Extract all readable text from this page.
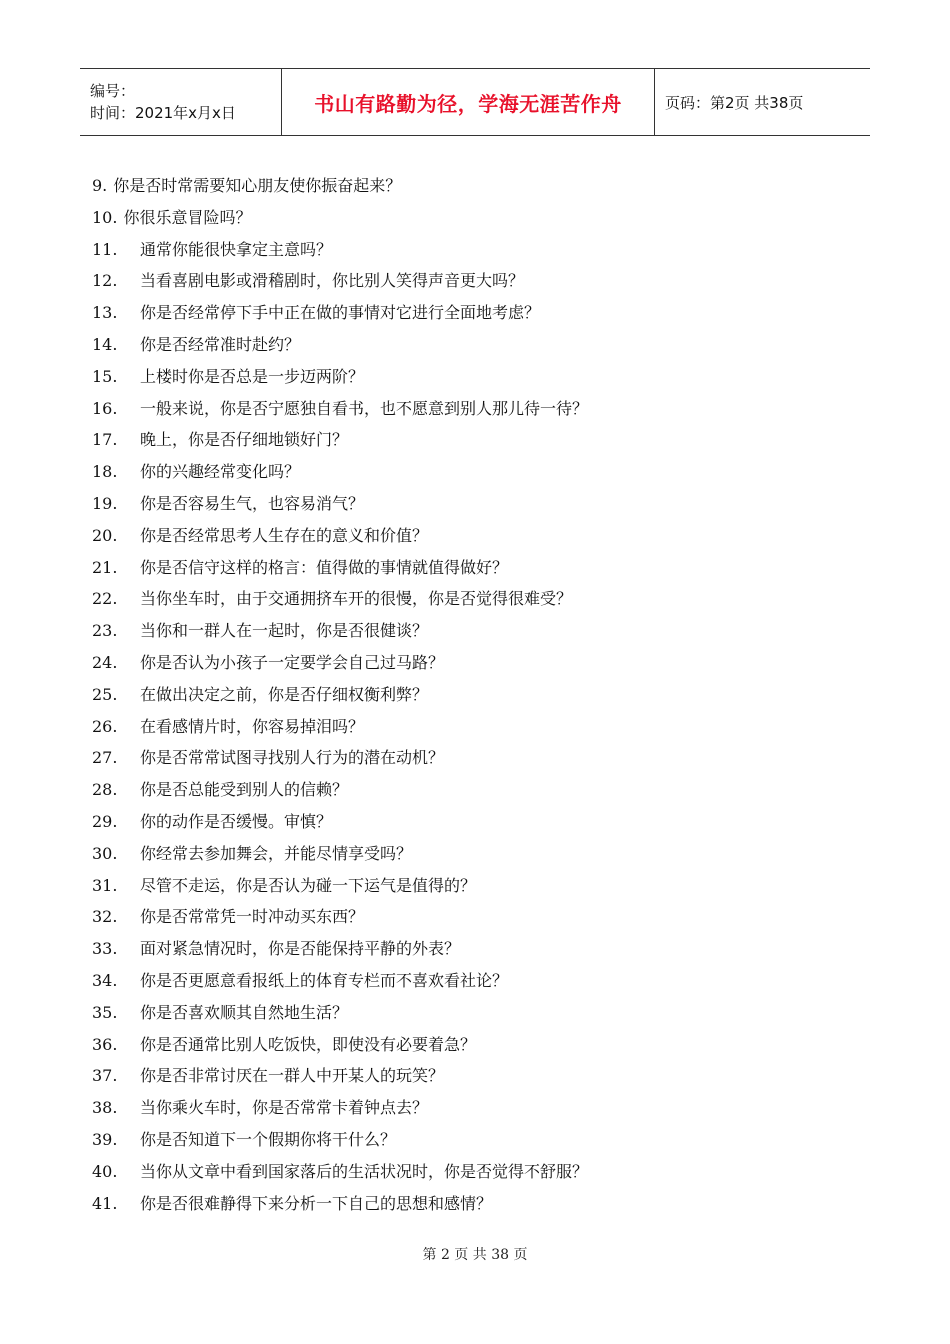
编号：
时间：2021年x月x日	书山有路勤为径，学海无涯苦作舟	页码：第2页 共38页
9. 你是否时常需要知心朋友使你振奋起来？
10. 你很乐意冒险吗？
11.	通常你能很快拿定主意吗？
12.	当看喜剧电影或滑稽剧时，你比别人笑得声音更大吗？
13.	你是否经常停下手中正在做的事情对它进行全面地考虑？
14.	你是否经常准时赴约？
15.	上楼时你是否总是一步迈两阶？
16.	一般来说，你是否宁愿独自看书，也不愿意到别人那儿待一待？
17.	晚上，你是否仔细地锁好门？
18.	你的兴趣经常变化吗？
19.	你是否容易生气，也容易消气？
20.	你是否经常思考人生存在的意义和价值？
21.	你是否信守这样的格言：值得做的事情就值得做好？
22.	当你坐车时，由于交通拥挤车开的很慢，你是否觉得很难受？
23.	当你和一群人在一起时，你是否很健谈？
24.	你是否认为小孩子一定要学会自己过马路？
25.	在做出决定之前，你是否仔细权衡利弊？
26.	在看感情片时，你容易掉泪吗？
27.	你是否常常试图寻找别人行为的潜在动机？
28.	你是否总能受到别人的信赖？
29.	你的动作是否缓慢。审慎？
30.	你经常去参加舞会，并能尽情享受吗？
31.	尽管不走运，你是否认为碰一下运气是值得的？
32.	你是否常常凭一时冲动买东西？
33.	面对紧急情况时，你是否能保持平静的外表？
34.	你是否更愿意看报纸上的体育专栏而不喜欢看社论？
35.	你是否喜欢顺其自然地生活？
36.	你是否通常比别人吃饭快，即使没有必要着急？
37.	你是否非常讨厌在一群人中开某人的玩笑？
38.	当你乘火车时，你是否常常卡着钟点去？
39.	你是否知道下一个假期你将干什么？
40.	当你从文章中看到国家落后的生活状况时，你是否觉得不舒服？
41.	你是否很难静得下来分析一下自己的思想和感情？
第 2 页 共 38 页
